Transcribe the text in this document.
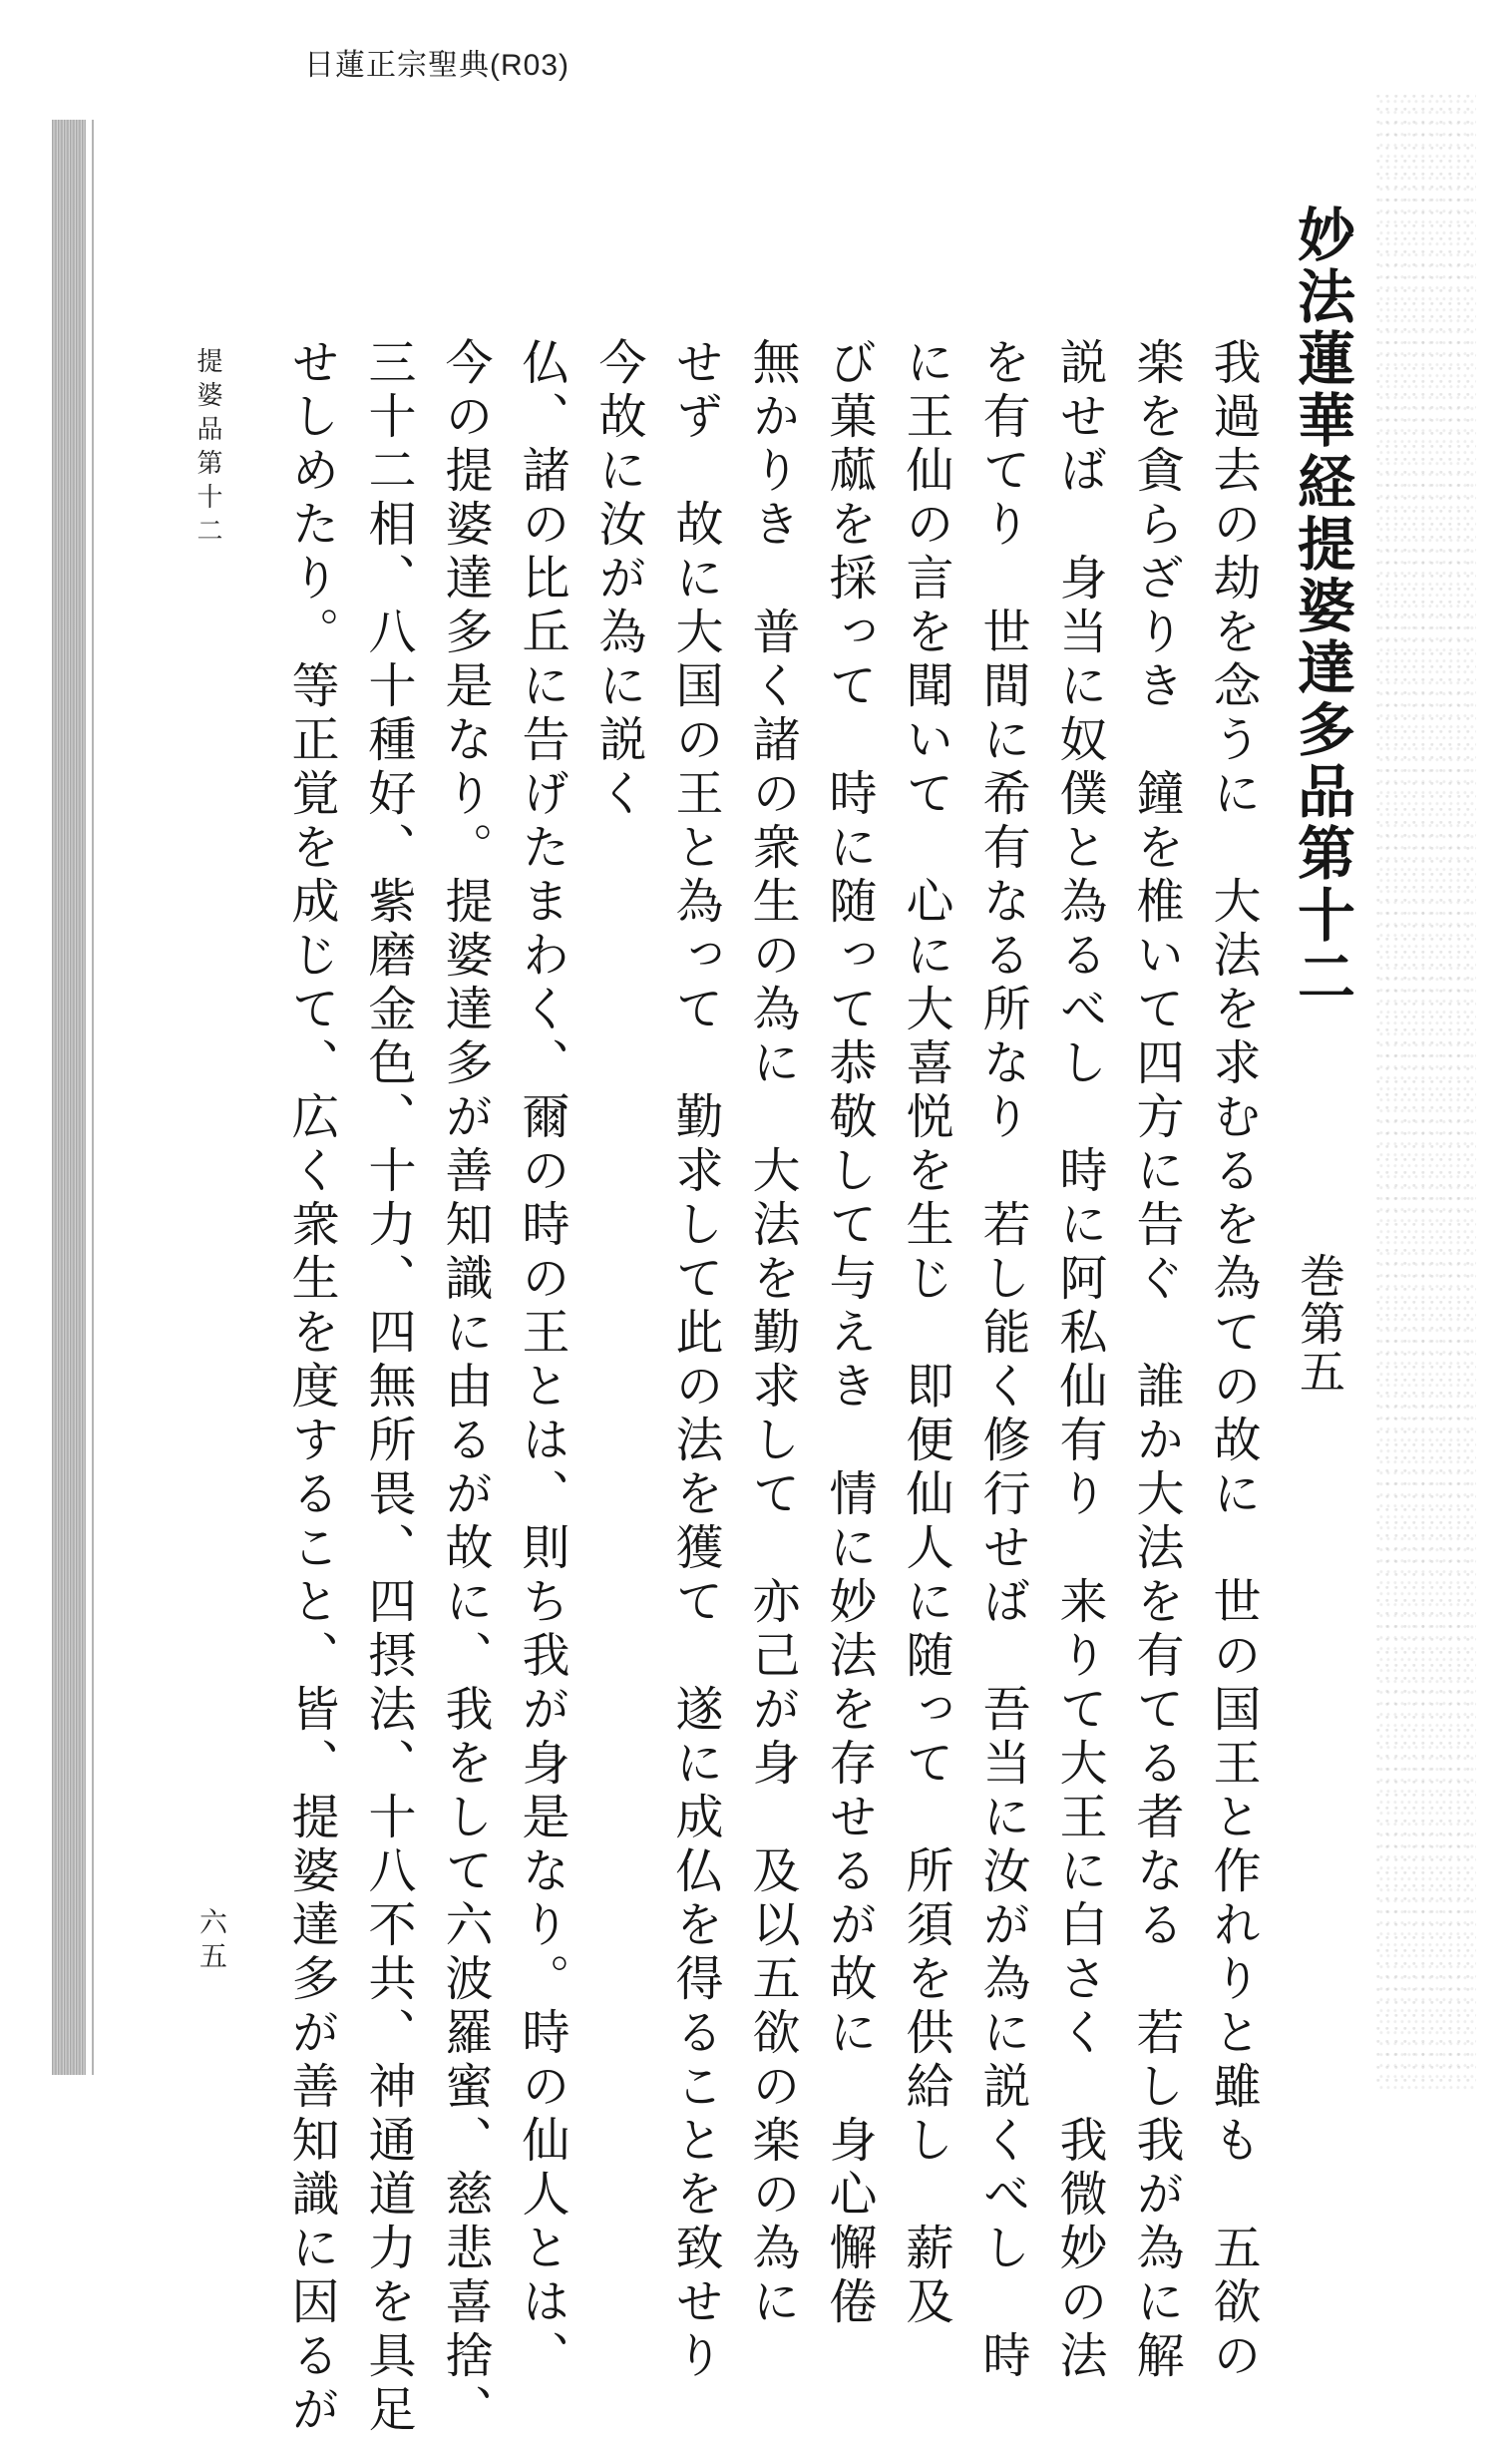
日蓮正宗聖典(R03)
妙法蓮華経提婆達多品第十二
巻第五
我過去の劫を念うに　大法を求むるを為ての故に　世の国王と作れりと雖も　五欲の
楽を貪らざりき　鐘を椎いて四方に告ぐ　誰か大法を有てる者なる　若し我が為に解
説せば　身当に奴僕と為るべし　時に阿私仙有り　来りて大王に白さく　我微妙の法
を有てり　世間に希有なる所なり　若し能く修行せば　吾当に汝が為に説くべし　時
に王仙の言を聞いて　心に大喜悦を生じ　即便仙人に随って　所須を供給し　薪及
び菓蓏を採って　時に随って恭敬して与えき　情に妙法を存せるが故に　身心懈倦
無かりき　普く諸の衆生の為に　大法を勤求して　亦己が身　及以五欲の楽の為に
せず　故に大国の王と為って　勤求して此の法を獲て　遂に成仏を得ることを致せり
今故に汝が為に説く
仏、諸の比丘に告げたまわく、爾の時の王とは、則ち我が身是なり。時の仙人とは、
今の提婆達多是なり。提婆達多が善知識に由るが故に、我をして六波羅蜜、慈悲喜捨、
三十二相、八十種好、紫磨金色、十力、四無所畏、四摂法、十八不共、神通道力を具足
せしめたり。等正覚を成じて、広く衆生を度すること、皆、提婆達多が善知識に因るが
提婆品第十二
六五
